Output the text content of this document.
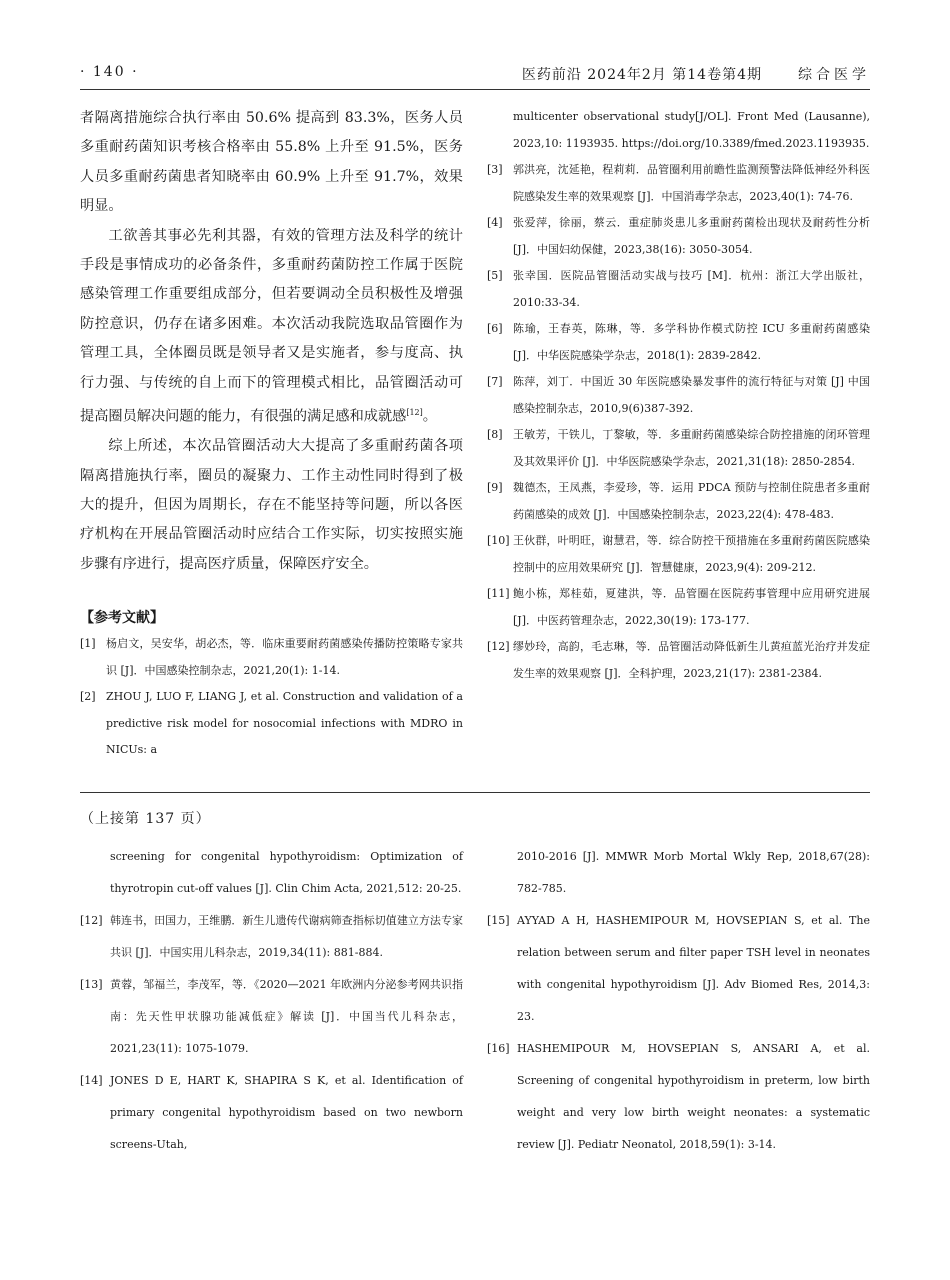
· 140 ·	医药前沿 2024年2月 第14卷第4期	综合医学

者隔离措施综合执行率由 50.6% 提高到 83.3%，医务人员多重耐药菌知识考核合格率由 55.8% 上升至 91.5%，医务人员多重耐药菌患者知晓率由 60.9% 上升至 91.7%，效果明显。

工欲善其事必先利其器，有效的管理方法及科学的统计手段是事情成功的必备条件，多重耐药菌防控工作属于医院感染管理工作重要组成部分，但若要调动全员积极性及增强防控意识，仍存在诸多困难。本次活动我院选取品管圈作为管理工具，全体圈员既是领导者又是实施者，参与度高、执行力强、与传统的自上而下的管理模式相比，品管圈活动可提高圈员解决问题的能力，有很强的满足感和成就感[12]。

综上所述，本次品管圈活动大大提高了多重耐药菌各项隔离措施执行率，圈员的凝聚力、工作主动性同时得到了极大的提升，但因为周期长，存在不能坚持等问题，所以各医疗机构在开展品管圈活动时应结合工作实际，切实按照实施步骤有序进行，提高医疗质量，保障医疗安全。

【参考文献】
[1] 杨启文，吴安华，胡必杰，等．临床重要耐药菌感染传播防控策略专家共识 [J]．中国感染控制杂志，2021,20(1): 1-14.
[2] ZHOU J, LUO F, LIANG J, et al. Construction and validation of a predictive risk model for nosocomial infections with MDRO in NICUs: a
multicenter observational study[J/OL]. Front Med (Lausanne), 2023,10: 1193935. https://doi.org/10.3389/fmed.2023.1193935.
[3] 郭洪亮，沈延艳，程莉莉．品管圈利用前瞻性监测预警法降低神经外科医院感染发生率的效果观察 [J]．中国消毒学杂志，2023,40(1): 74-76.
[4] 张爱萍，徐丽，蔡云．重症肺炎患儿多重耐药菌检出现状及耐药性分析 [J]．中国妇幼保健，2023,38(16): 3050-3054.
[5] 张幸国．医院品管圈活动实战与技巧 [M]．杭州：浙江大学出版社，2010:33-34.
[6] 陈瑜，王春英，陈琳，等．多学科协作模式防控 ICU 多重耐药菌感染 [J]．中华医院感染学杂志，2018(1): 2839-2842.
[7] 陈萍，刘丁．中国近 30 年医院感染暴发事件的流行特征与对策 [J] 中国感染控制杂志，2010,9(6)387-392.
[8] 王敏芳，干铁儿，丁黎敏，等．多重耐药菌感染综合防控措施的闭环管理及其效果评价 [J]．中华医院感染学杂志，2021,31(18): 2850-2854.
[9] 魏德杰，王凤燕，李爱珍，等．运用 PDCA 预防与控制住院患者多重耐药菌感染的成效 [J]．中国感染控制杂志，2023,22(4): 478-483.
[10] 王伙群，叶明旺，谢慧君，等．综合防控干预措施在多重耐药菌医院感染控制中的应用效果研究 [J]．智慧健康，2023,9(4): 209-212.
[11] 鲍小栋，郑桂茹，夏建洪，等．品管圈在医院药事管理中应用研究进展 [J]．中医药管理杂志，2022,30(19): 173-177.
[12] 缪妙玲，高韵，毛志琳，等．品管圈活动降低新生儿黄疸蓝光治疗并发症发生率的效果观察 [J]．全科护理，2023,21(17): 2381-2384.
（上接第 137 页）
screening for congenital hypothyroidism: Optimization of thyrotropin cut-off values [J]. Clin Chim Acta, 2021,512: 20-25.
[12] 韩连书，田国力，王维鹏．新生儿遗传代谢病筛查指标切值建立方法专家共识 [J]．中国实用儿科杂志，2019,34(11): 881-884.
[13] 黄蓉，邹福兰，李茂军，等．《2020—2021 年欧洲内分泌参考网共识指南：先天性甲状腺功能减低症》解读 [J]．中国当代儿科杂志，2021,23(11): 1075-1079.
[14] JONES D E, HART K, SHAPIRA S K, et al. Identification of primary congenital hypothyroidism based on two newborn screens-Utah,
2010-2016 [J]. MMWR Morb Mortal Wkly Rep, 2018,67(28): 782-785.
[15] AYYAD A H, HASHEMIPOUR M, HOVSEPIAN S, et al. The relation between serum and filter paper TSH level in neonates with congenital hypothyroidism [J]. Adv Biomed Res, 2014,3: 23.
[16] HASHEMIPOUR M, HOVSEPIAN S, ANSARI A, et al. Screening of congenital hypothyroidism in preterm, low birth weight and very low birth weight neonates: a systematic review [J]. Pediatr Neonatol, 2018,59(1): 3-14.
